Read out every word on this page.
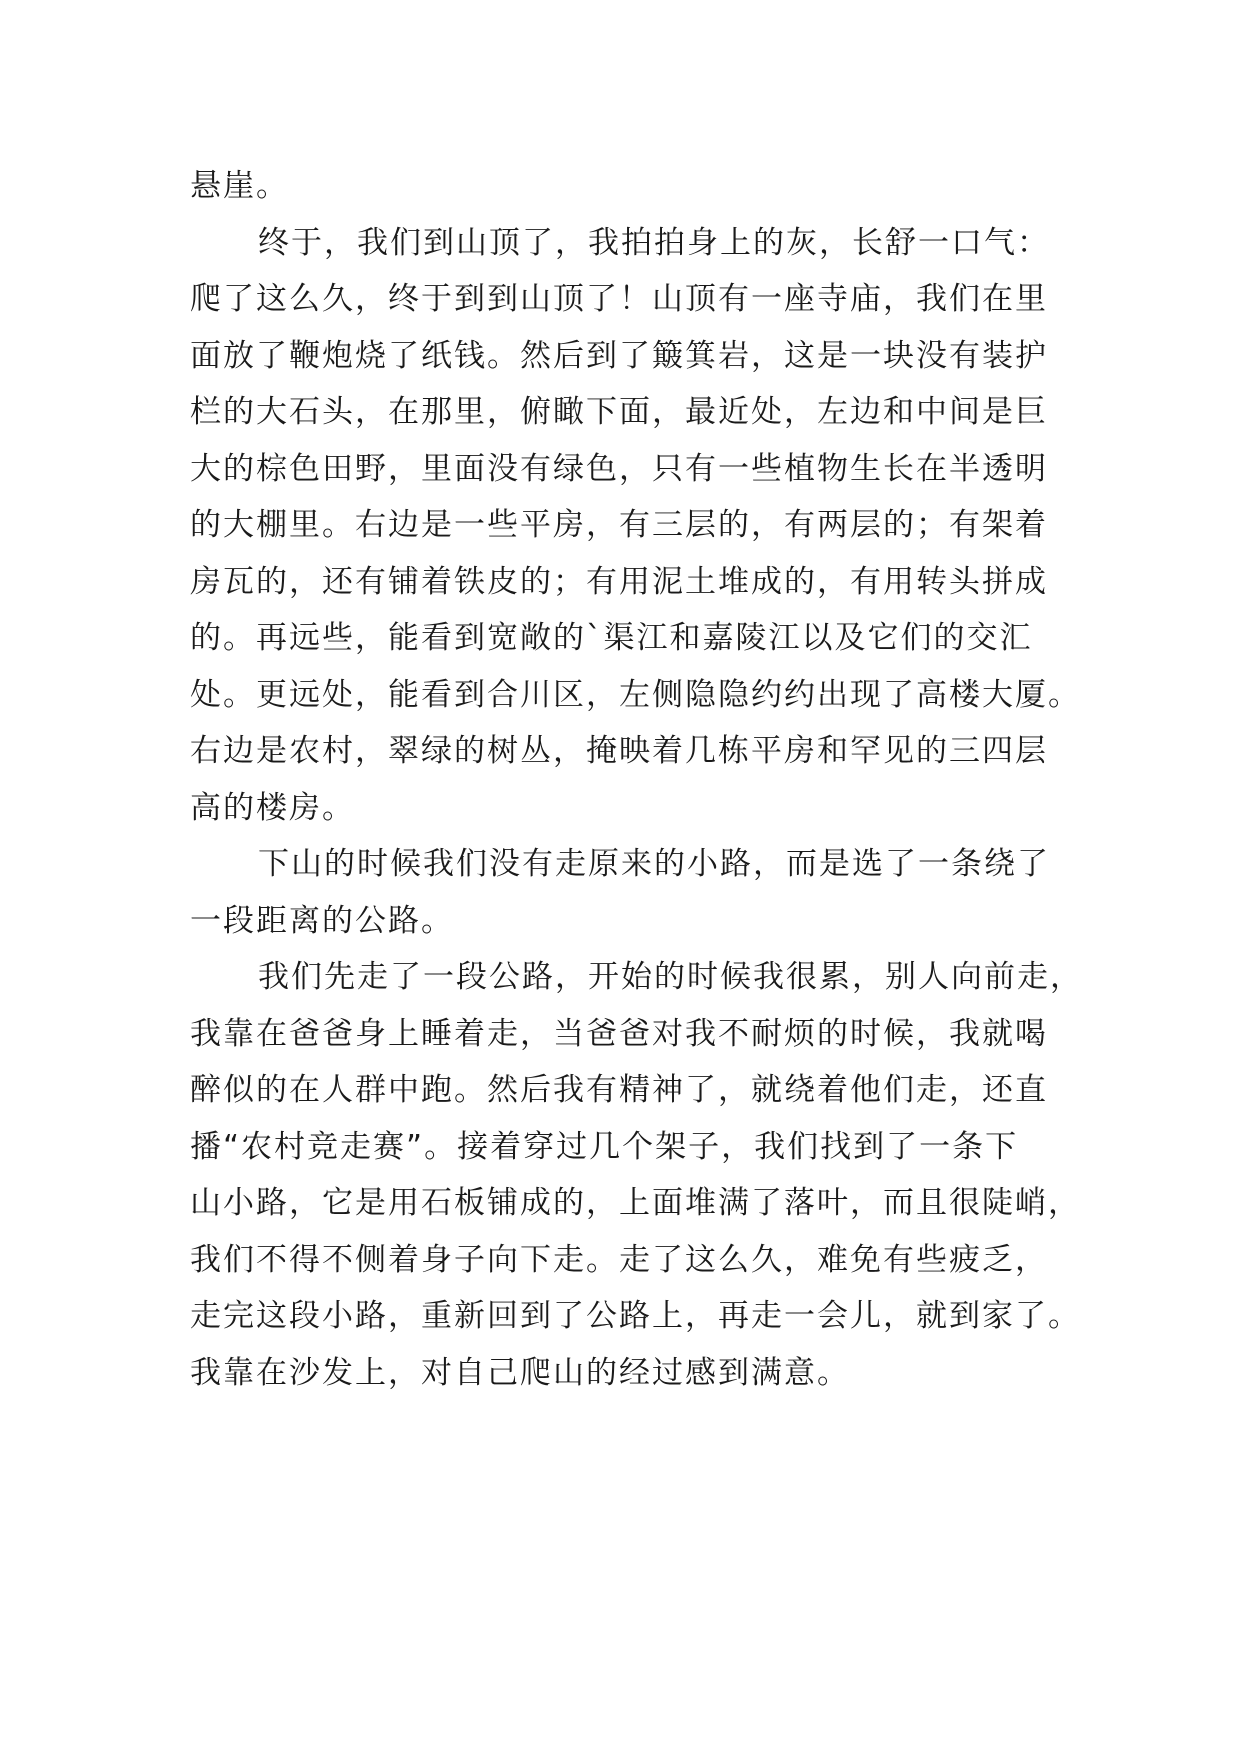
悬崖。
终于，我们到山顶了，我拍拍身上的灰，长舒一口气：
爬了这么久，终于到到山顶了！山顶有一座寺庙，我们在里
面放了鞭炮烧了纸钱。然后到了簸箕岩，这是一块没有装护
栏的大石头，在那里，俯瞰下面，最近处，左边和中间是巨
大的棕色田野，里面没有绿色，只有一些植物生长在半透明
的大棚里。右边是一些平房，有三层的，有两层的；有架着
房瓦的，还有铺着铁皮的；有用泥土堆成的，有用转头拼成
的。再远些，能看到宽敞的`渠江和嘉陵江以及它们的交汇
处。更远处，能看到合川区，左侧隐隐约约出现了高楼大厦。
右边是农村，翠绿的树丛，掩映着几栋平房和罕见的三四层
高的楼房。
下山的时候我们没有走原来的小路，而是选了一条绕了
一段距离的公路。
我们先走了一段公路，开始的时候我很累，别人向前走，
我靠在爸爸身上睡着走，当爸爸对我不耐烦的时候，我就喝
醉似的在人群中跑。然后我有精神了，就绕着他们走，还直
播“农村竞走赛”。接着穿过几个架子，我们找到了一条下
山小路，它是用石板铺成的，上面堆满了落叶，而且很陡峭，
我们不得不侧着身子向下走。走了这么久，难免有些疲乏，
走完这段小路，重新回到了公路上，再走一会儿，就到家了。
我靠在沙发上，对自己爬山的经过感到满意。
